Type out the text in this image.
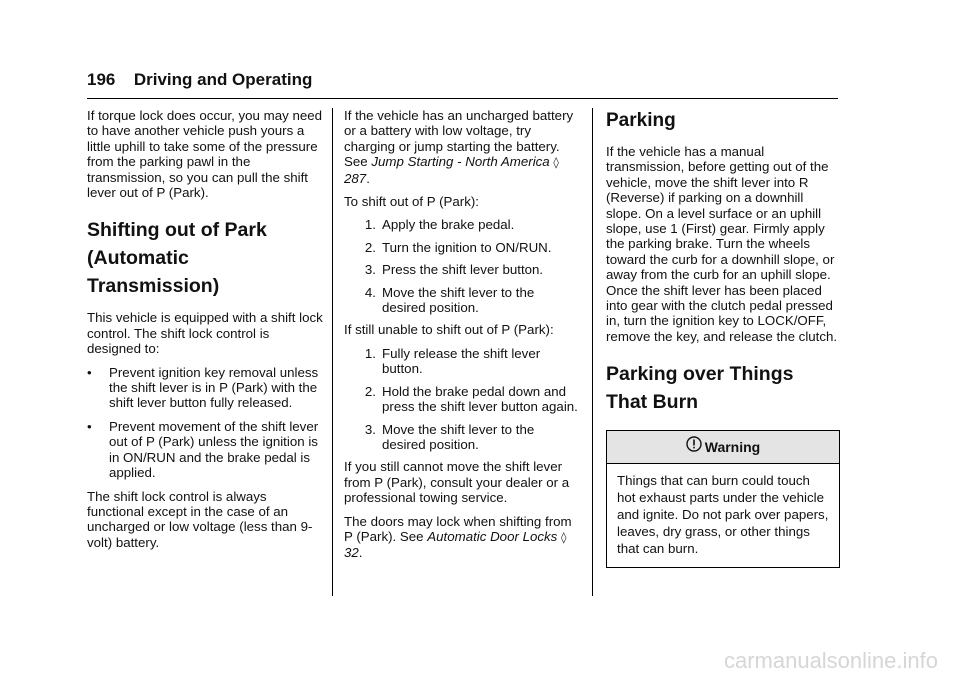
196 Driving and Operating

If torque lock does occur, you may need to have another vehicle push yours a little uphill to take some of the pressure from the parking pawl in the transmission, so you can pull the shift lever out of P (Park).

Shifting out of Park
(Automatic Transmission)

This vehicle is equipped with a shift lock control. The shift lock control is designed to:

•	Prevent ignition key removal unless the shift lever is in P (Park) with the shift lever button fully released.
•	Prevent movement of the shift lever out of P (Park) unless the ignition is in ON/RUN and the brake pedal is applied.

The shift lock control is always functional except in the case of an uncharged or low voltage (less than 9-volt) battery.

If the vehicle has an uncharged battery or a battery with low voltage, try charging or jump starting the battery. See Jump Starting - North America ◊ 287.

To shift out of P (Park):

1. Apply the brake pedal.
2. Turn the ignition to ON/RUN.
3. Press the shift lever button.
4. Move the shift lever to the desired position.

If still unable to shift out of P (Park):

1. Fully release the shift lever button.
2. Hold the brake pedal down and press the shift lever button again.
3. Move the shift lever to the desired position.

If you still cannot move the shift lever from P (Park), consult your dealer or a professional towing service.

The doors may lock when shifting from P (Park). See Automatic Door Locks ◊ 32.

Parking

If the vehicle has a manual transmission, before getting out of the vehicle, move the shift lever into R (Reverse) if parking on a downhill slope. On a level surface or an uphill slope, use 1 (First) gear. Firmly apply the parking brake. Turn the wheels toward the curb for a downhill slope, or away from the curb for an uphill slope. Once the shift lever has been placed into gear with the clutch pedal pressed in, turn the ignition key to LOCK/OFF, remove the key, and release the clutch.

Parking over Things
That Burn
Warning
Things that can burn could touch hot exhaust parts under the vehicle and ignite. Do not park over papers, leaves, dry grass, or other things that can burn.
carmanualsonline.info
